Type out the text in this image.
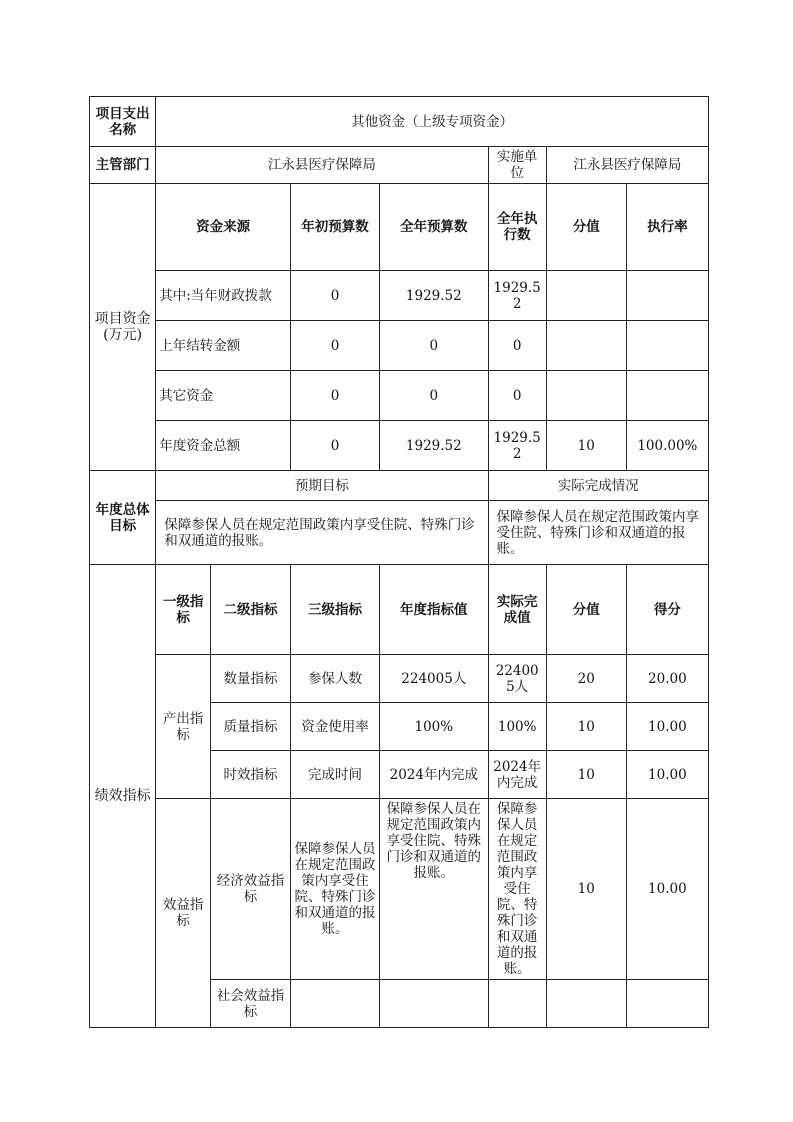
项目支出名称	其他资金（上级专项资金）						
主管部门	江永县医疗保障局				实施单位	江永县医疗保障局	
项目资金(万元)	资金来源		年初预算数	全年预算数	全年执行数	分值	执行率
	其中:当年财政拨款		0	1929.52	1929.52		
	上年结转金额		0	0	0		
	其它资金		0	0	0		
	年度资金总额		0	1929.52	1929.52	10	100.00%
年度总体目标	预期目标				实际完成情况		
	保障参保人员在规定范围政策内享受住院、特殊门诊和双通道的报账。				保障参保人员在规定范围政策内享受住院、特殊门诊和双通道的报账。		
绩效指标	一级指标	二级指标	三级指标	年度指标值	实际完成值	分值	得分
	产出指标	数量指标	参保人数	224005人	224005人	20	20.00
		质量指标	资金使用率	100%	100%	10	10.00
		时效指标	完成时间	2024年内完成	2024年内完成	10	10.00
	效益指标	经济效益指标	保障参保人员在规定范围政策内享受住院、特殊门诊和双通道的报账。	保障参保人员在规定范围政策内享受住院、特殊门诊和双通道的报账。	保障参保人员在规定范围政策内享受住院、特殊门诊和双通道的报账。	10	10.00
		社会效益指标					
